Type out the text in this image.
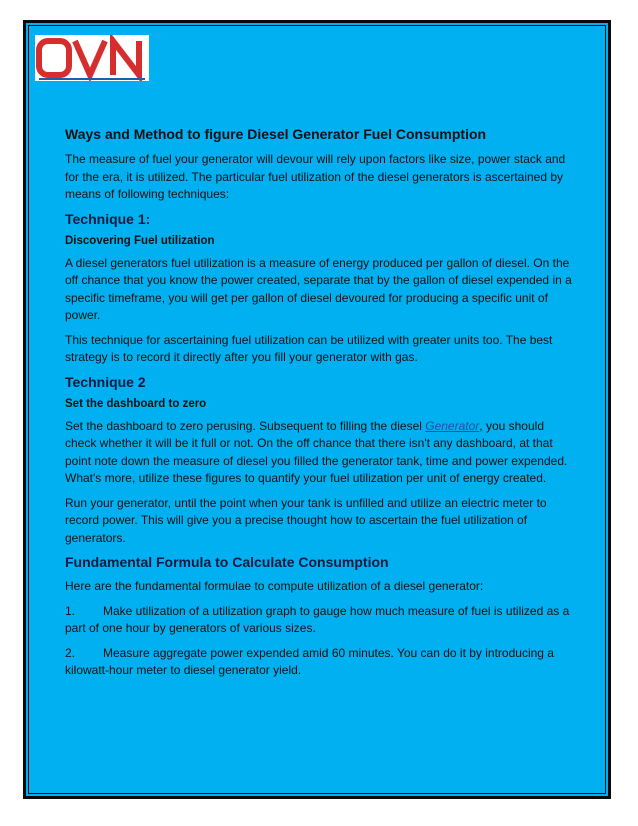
Ways and Method to figure Diesel Generator Fuel Consumption

The measure of fuel your generator will devour will rely upon factors like size, power stack and for the era, it is utilized. The particular fuel utilization of the diesel generators is ascertained by means of following techniques:

Technique 1:
Discovering Fuel utilization

A diesel generators fuel utilization is a measure of energy produced per gallon of diesel. On the off chance that you know the power created, separate that by the gallon of diesel expended in a specific timeframe, you will get per gallon of diesel devoured for producing a specific unit of power.

This technique for ascertaining fuel utilization can be utilized with greater units too. The best strategy is to record it directly after you fill your generator with gas.

Technique 2
Set the dashboard to zero

Set the dashboard to zero perusing. Subsequent to filling the diesel Generator, you should check whether it will be it full or not. On the off chance that there isn't any dashboard, at that point note down the measure of diesel you filled the generator tank, time and power expended. What's more, utilize these figures to quantify your fuel utilization per unit of energy created.

Run your generator, until the point when your tank is unfilled and utilize an electric meter to record power. This will give you a precise thought how to ascertain the fuel utilization of generators.

Fundamental Formula to Calculate Consumption

Here are the fundamental formulae to compute utilization of a diesel generator:

1. Make utilization of a utilization graph to gauge how much measure of fuel is utilized as a part of one hour by generators of various sizes.

2. Measure aggregate power expended amid 60 minutes. You can do it by introducing a kilowatt-hour meter to diesel generator yield.
